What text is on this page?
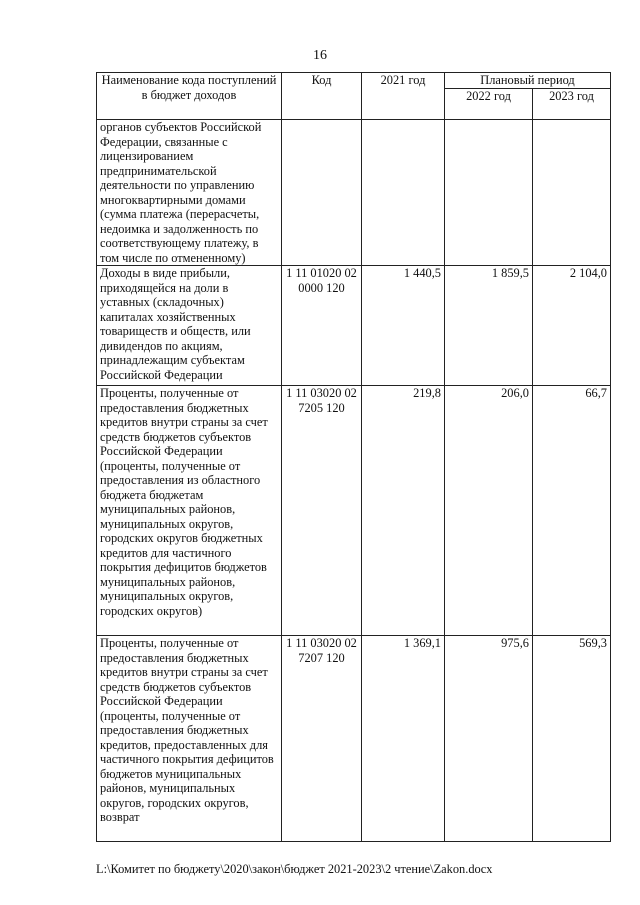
16
Наименование кода поступлений в бюджет доходов	Код	2021 год	Плановый период	
			2022 год	2023 год
органов субъектов Российской Федерации, связанные с лицензированием предпринимательской деятельности по управлению многоквартирными домами (сумма платежа (перерасчеты, недоимка и задолженность по соответствующему платежу, в том числе по отмененному)				
Доходы в виде прибыли, приходящейся на доли в уставных (складочных) капиталах хозяйственных товариществ и обществ, или дивидендов по акциям, принадлежащим субъектам Российской Федерации	1 11 01020 02 0000 120	1 440,5	1 859,5	2 104,0
Проценты, полученные от предоставления бюджетных кредитов внутри страны за счет средств бюджетов субъектов Российской Федерации (проценты, полученные от предоставления из областного бюджета бюджетам муниципальных районов, муниципальных округов, городских округов бюджетных кредитов для частичного покрытия дефицитов бюджетов муниципальных районов, муниципальных округов, городских округов)	1 11 03020 02 7205 120	219,8	206,0	66,7
Проценты, полученные от предоставления бюджетных кредитов внутри страны за счет средств бюджетов субъектов Российской Федерации (проценты, полученные от предоставления бюджетных кредитов, предоставленных для частичного покрытия дефицитов бюджетов муниципальных районов, муниципальных округов, городских округов, возврат	1 11 03020 02 7207 120	1 369,1	975,6	569,3
L:\Комитет по бюджету\2020\закон\бюджет 2021-2023\2 чтение\Zakon.docx
